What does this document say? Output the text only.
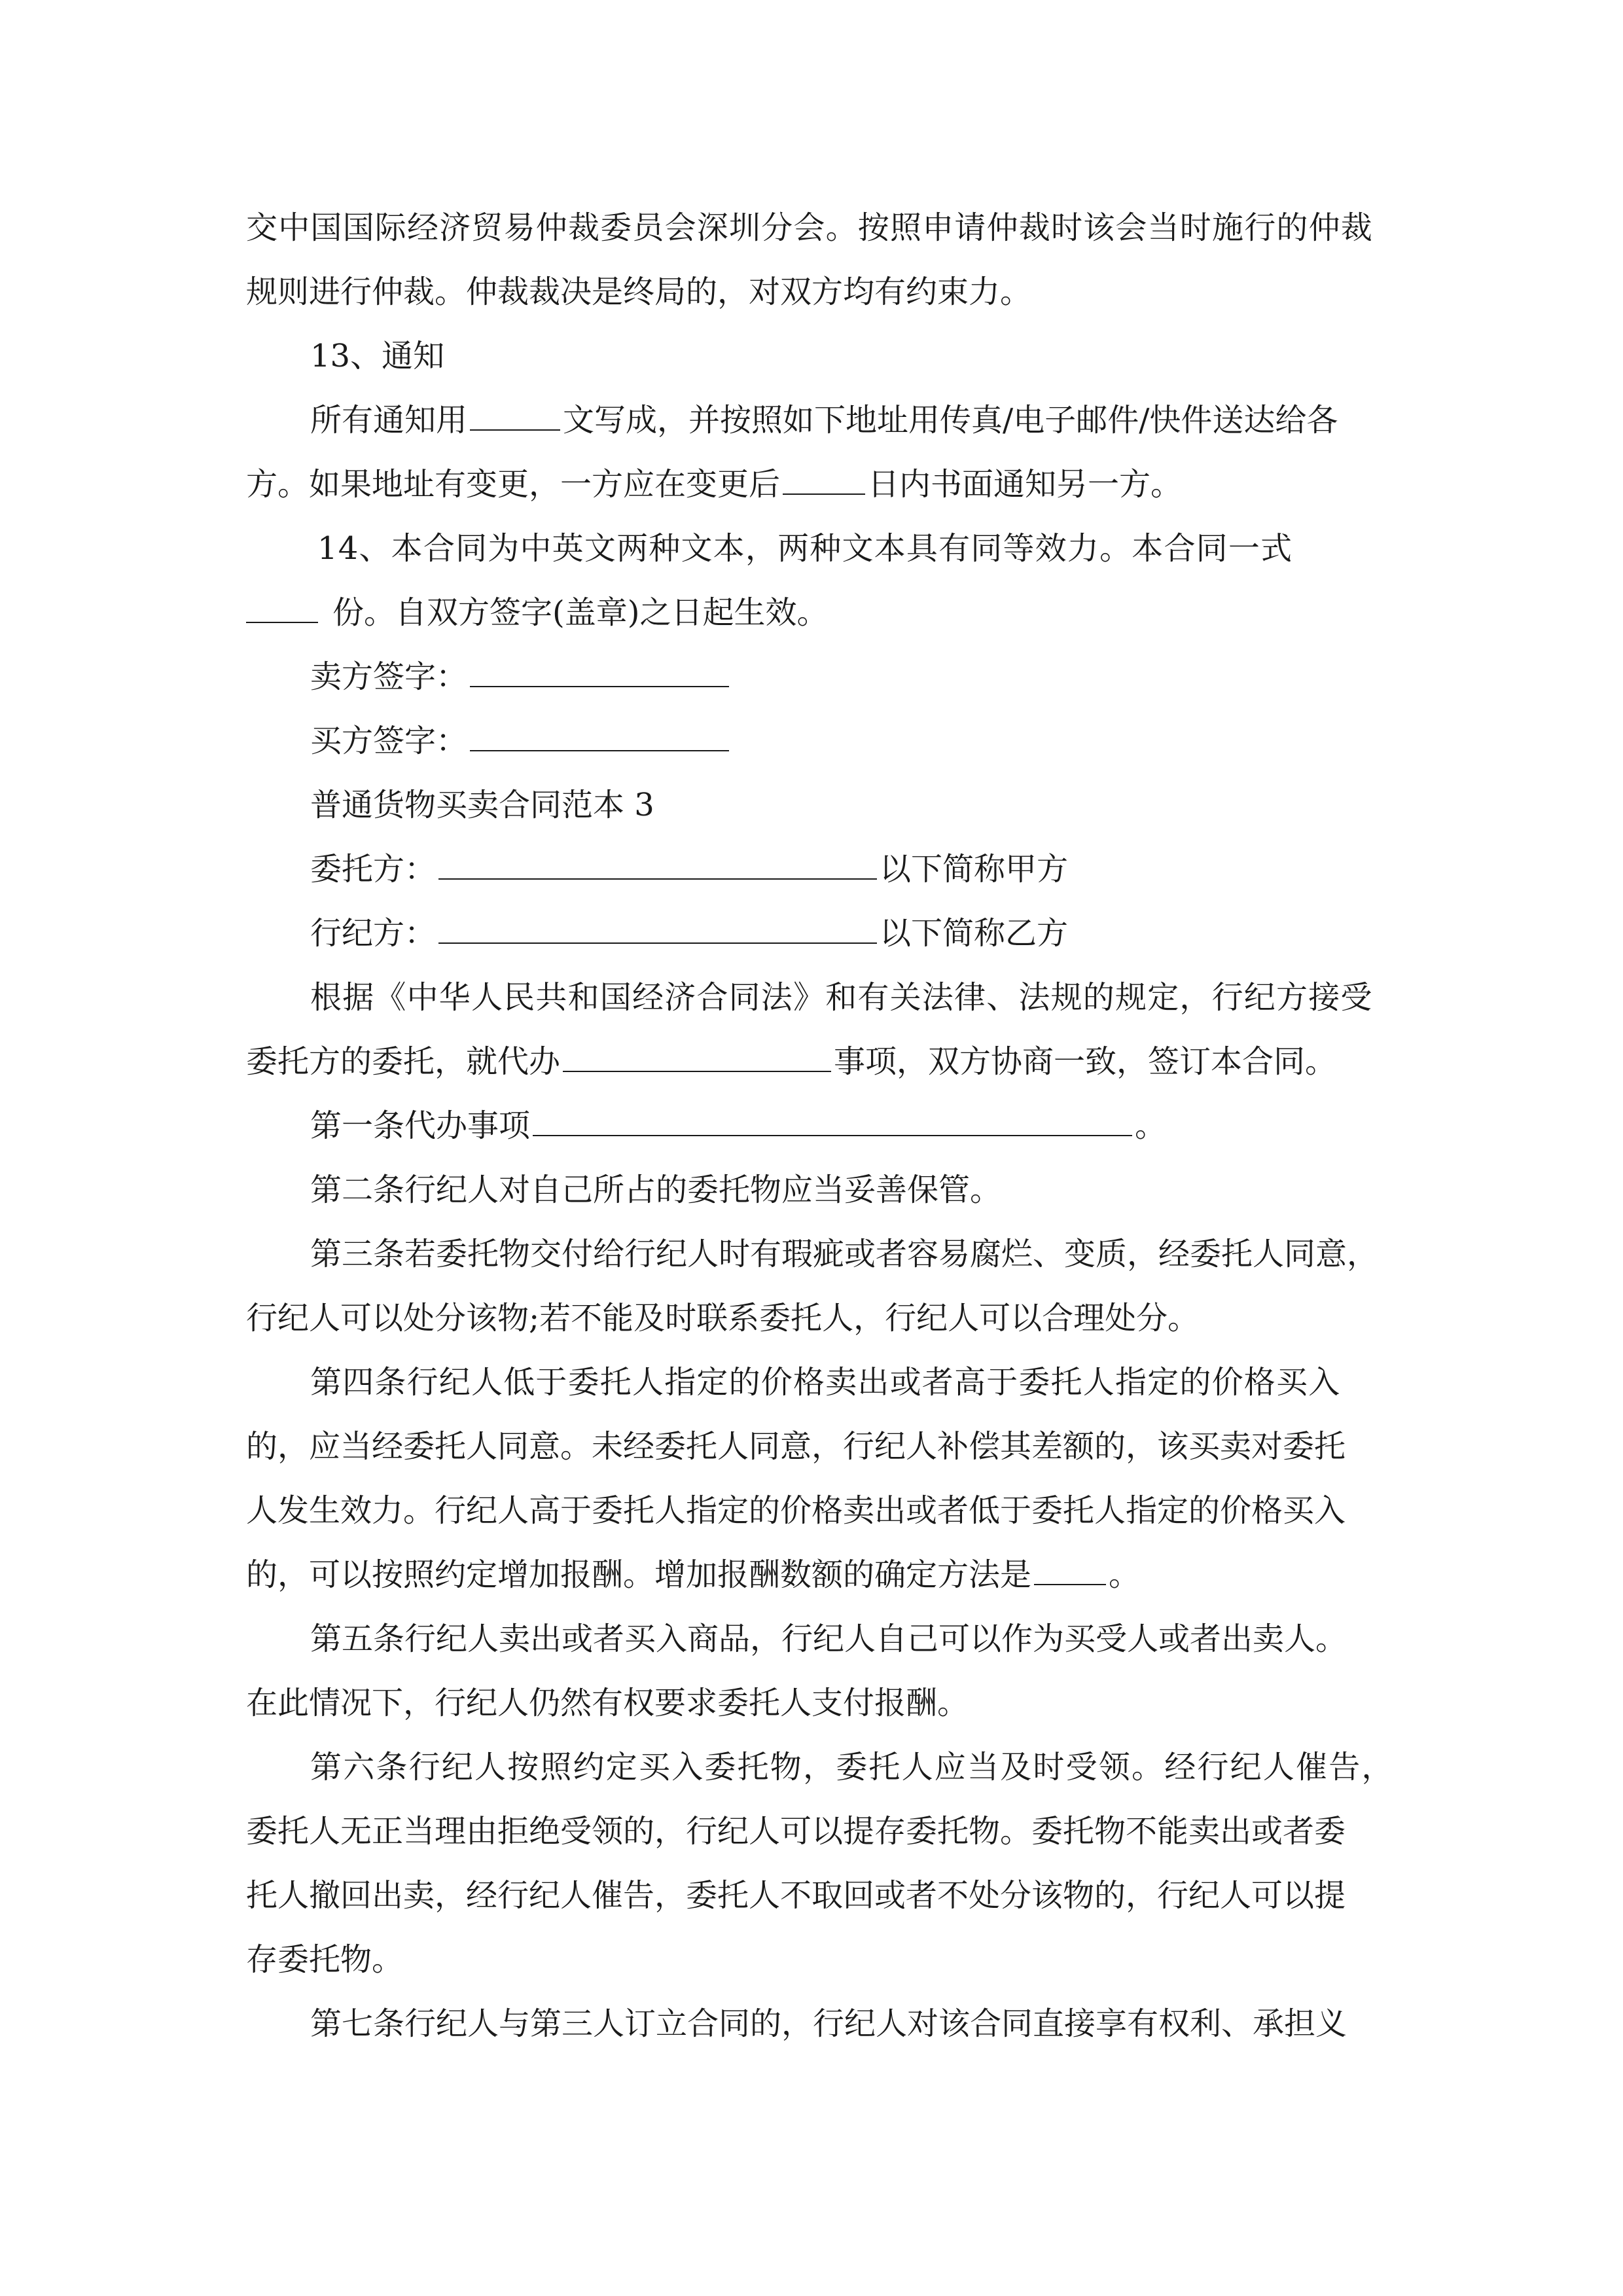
交中国国际经济贸易仲裁委员会深圳分会。按照申请仲裁时该会当时施行的仲裁
规则进行仲裁。仲裁裁决是终局的，对双方均有约束力。
13、通知
所有通知用	文写成，并按照如下地址用传真/电子邮件/快件送达给各
方。如果地址有变更，一方应在变更后	日内书面通知另一方。
14、本合同为中英文两种文本，两种文本具有同等效力。本合同一式
份。自双方签字(盖章)之日起生效。
卖方签字：
买方签字：
普通货物买卖合同范本 3
委托方：	以下简称甲方
行纪方：	以下简称乙方
根据《中华人民共和国经济合同法》和有关法律、法规的规定，行纪方接受
委托方的委托，就代办	事项，双方协商一致，签订本合同。
第一条代办事项	。
第二条行纪人对自己所占的委托物应当妥善保管。
第三条若委托物交付给行纪人时有瑕疵或者容易腐烂、变质，经委托人同意，
行纪人可以处分该物;若不能及时联系委托人，行纪人可以合理处分。
第四条行纪人低于委托人指定的价格卖出或者高于委托人指定的价格买入
的，应当经委托人同意。未经委托人同意，行纪人补偿其差额的，该买卖对委托
人发生效力。行纪人高于委托人指定的价格卖出或者低于委托人指定的价格买入
的，可以按照约定增加报酬。增加报酬数额的确定方法是 。
第五条行纪人卖出或者买入商品，行纪人自己可以作为买受人或者出卖人。
在此情况下，行纪人仍然有权要求委托人支付报酬。
第六条行纪人按照约定买入委托物，委托人应当及时受领。经行纪人催告，
委托人无正当理由拒绝受领的，行纪人可以提存委托物。委托物不能卖出或者委
托人撤回出卖，经行纪人催告，委托人不取回或者不处分该物的，行纪人可以提
存委托物。
第七条行纪人与第三人订立合同的，行纪人对该合同直接享有权利、承担义
